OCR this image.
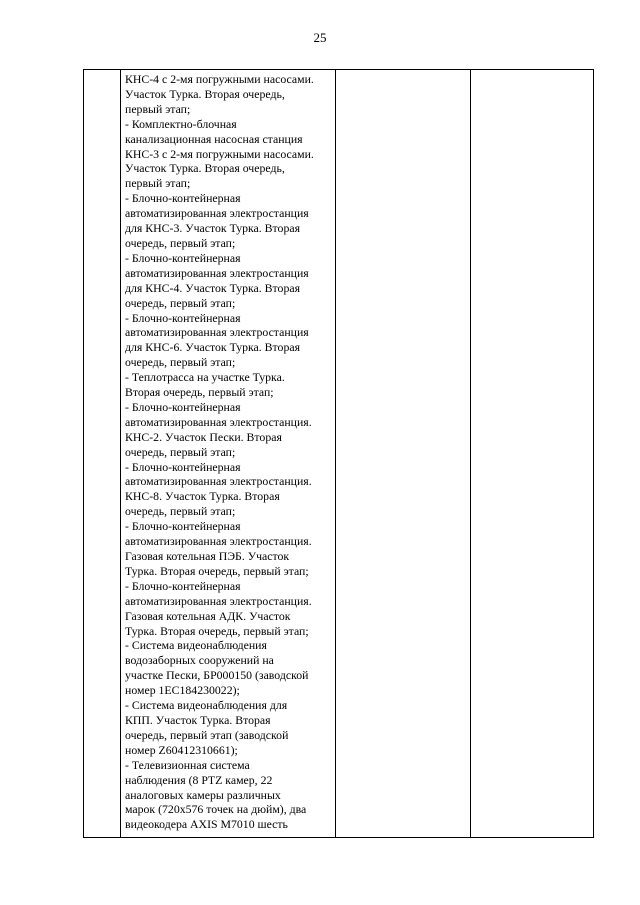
25

КНС-4 с 2-мя погружными насосами.
Участок Турка. Вторая очередь,
первый этап;
- Комплектно-блочная
канализационная насосная станция
КНС-3 с 2-мя погружными насосами.
Участок Турка. Вторая очередь,
первый этап;
- Блочно-контейнерная
автоматизированная электростанция
для КНС-3. Участок Турка. Вторая
очередь, первый этап;
- Блочно-контейнерная
автоматизированная электростанция
для КНС-4. Участок Турка. Вторая
очередь, первый этап;
- Блочно-контейнерная
автоматизированная электростанция
для КНС-6. Участок Турка. Вторая
очередь, первый этап;
- Теплотрасса на участке Турка.
Вторая очередь, первый этап;
- Блочно-контейнерная
автоматизированная электростанция.
КНС-2. Участок Пески. Вторая
очередь, первый этап;
- Блочно-контейнерная
автоматизированная электростанция.
КНС-8. Участок Турка. Вторая
очередь, первый этап;
- Блочно-контейнерная
автоматизированная электростанция.
Газовая котельная ПЭБ. Участок
Турка. Вторая очередь, первый этап;
- Блочно-контейнерная
автоматизированная электростанция.
Газовая котельная АДК. Участок
Турка. Вторая очередь, первый этап;
- Система видеонаблюдения
водозаборных сооружений на
участке Пески, БР000150 (заводской
номер 1ЕС184230022);
- Система видеонаблюдения для
КПП. Участок Турка. Вторая
очередь, первый этап (заводской
номер Z60412310661);
- Телевизионная система
наблюдения (8 PTZ камер, 22
аналоговых камеры различных
марок (720х576 точек на дюйм), два
видеокодера AXIS M7010 шесть
